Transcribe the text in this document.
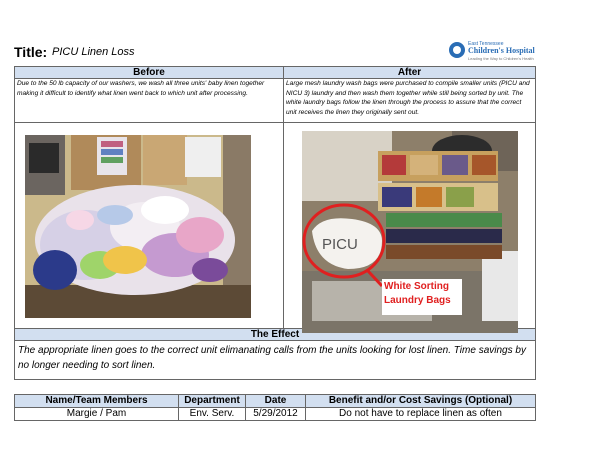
Title: PICU Linen Loss
East Tennessee
Children's Hospital
Leading the Way to Children's Health
Before	After
Due to the 50 lb capacity of our washers, we wash all three units' baby linen together making it difficult to identify what linen went back to which unit after processing.	Large mesh laundry wash bags were purchased to compile smaller units (PICU and NICU 3) laundry and then wash them together while still being sorted by unit. The white laundry bags follow the linen through the process to assure that the correct unit receives the linen they originally sent out.

PICU
White Sorting Laundry Bags

The Effect	
The appropriate linen goes to the correct unit elimanating calls from the units looking for lost linen. Time savings by no longer needing to sort linen.	
Name/Team Members	Department	Date	Benefit and/or Cost Savings (Optional)
Margie / Pam	Env. Serv.	5/29/2012	Do not have to replace linen as often
